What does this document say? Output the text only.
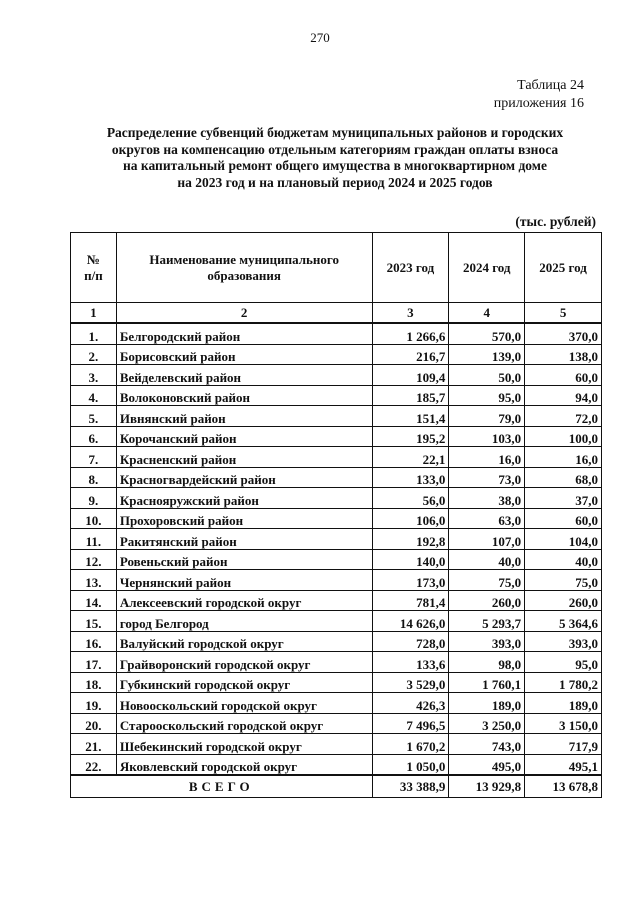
270
Таблица 24
приложения 16
Распределение субвенций бюджетам муниципальных районов и городских
округов на компенсацию отдельным категориям граждан оплаты взноса
на капитальный ремонт общего имущества в многоквартирном доме
на 2023 год и на плановый период 2024 и 2025 годов
(тыс. рублей)
№
п/п	Наименование муниципального образования	2023 год	2024 год	2025 год
1	2	3	4	5
1.	Белгородский район	1 266,6	570,0	370,0
2.	Борисовский район	216,7	139,0	138,0
3.	Вейделевский район	109,4	50,0	60,0
4.	Волоконовский район	185,7	95,0	94,0
5.	Ивнянский район	151,4	79,0	72,0
6.	Корочанский район	195,2	103,0	100,0
7.	Красненский район	22,1	16,0	16,0
8.	Красногвардейский район	133,0	73,0	68,0
9.	Краснояружский район	56,0	38,0	37,0
10.	Прохоровский район	106,0	63,0	60,0
11.	Ракитянский район	192,8	107,0	104,0
12.	Ровеньский район	140,0	40,0	40,0
13.	Чернянский район	173,0	75,0	75,0
14.	Алексеевский городской округ	781,4	260,0	260,0
15.	город Белгород	14 626,0	5 293,7	5 364,6
16.	Валуйский городской округ	728,0	393,0	393,0
17.	Грайворонский городской округ	133,6	98,0	95,0
18.	Губкинский городской округ	3 529,0	1 760,1	1 780,2
19.	Новооскольский городской округ	426,3	189,0	189,0
20.	Старооскольский городской округ	7 496,5	3 250,0	3 150,0
21.	Шебекинский городской округ	1 670,2	743,0	717,9
22.	Яковлевский городской округ	1 050,0	495,0	495,1
ВСЕГО		33 388,9	13 929,8	13 678,8
